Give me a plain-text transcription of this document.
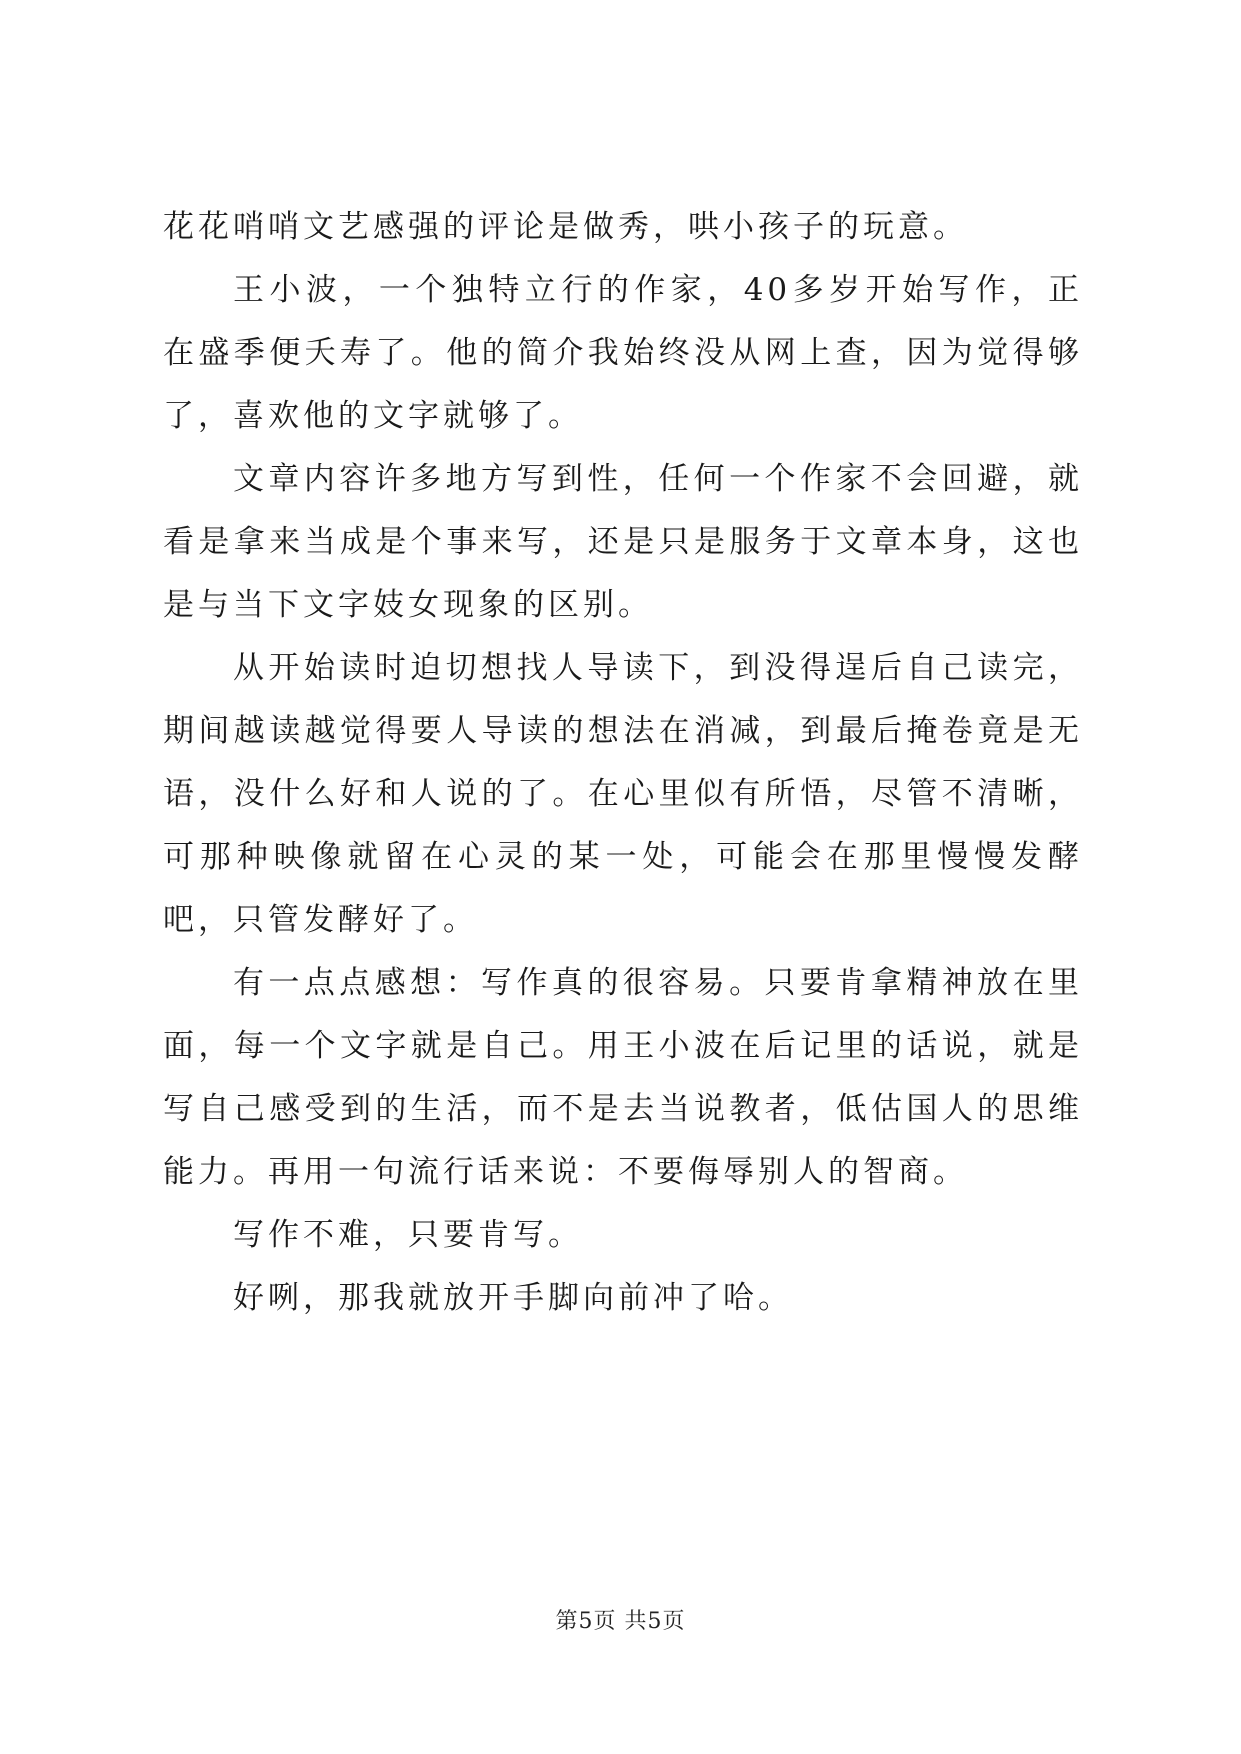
花花哨哨文艺感强的评论是做秀，哄小孩子的玩意。

王小波，一个独特立行的作家，40多岁开始写作，正在盛季便夭寿了。他的简介我始终没从网上查，因为觉得够了，喜欢他的文字就够了。

文章内容许多地方写到性，任何一个作家不会回避，就看是拿来当成是个事来写，还是只是服务于文章本身，这也是与当下文字妓女现象的区别。

从开始读时迫切想找人导读下，到没得逞后自己读完，期间越读越觉得要人导读的想法在消减，到最后掩卷竟是无语，没什么好和人说的了。在心里似有所悟，尽管不清晰，可那种映像就留在心灵的某一处，可能会在那里慢慢发酵吧，只管发酵好了。

有一点点感想：写作真的很容易。只要肯拿精神放在里面，每一个文字就是自己。用王小波在后记里的话说，就是写自己感受到的生活，而不是去当说教者，低估国人的思维能力。再用一句流行话来说：不要侮辱别人的智商。

写作不难，只要肯写。

好咧，那我就放开手脚向前冲了哈。

第5页 共5页
